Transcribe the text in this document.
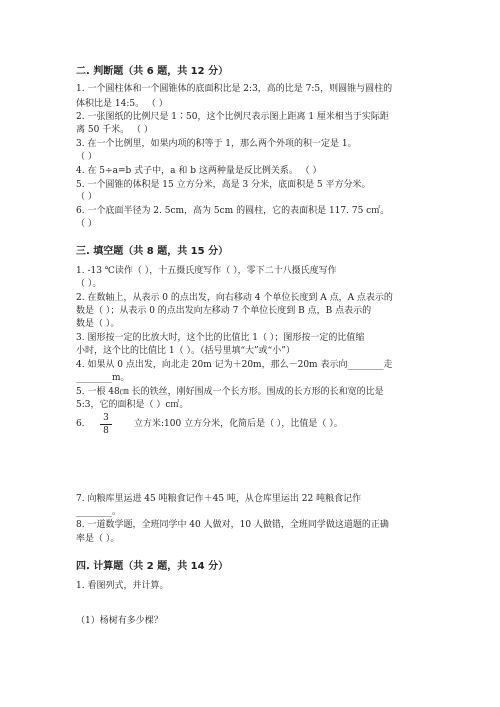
二. 判断题（共 6 题，共 12 分）
1. 一个圆柱体和一个圆锥体的底面积比是 2:3，高的比是 7:5，则圆锥与圆柱的
体积比是 14:5。 （ ）
2. 一张图纸的比例尺是 1∶50，这个比例尺表示图上距离 1 厘米相当于实际距
离 50 千米。 （ ）
3. 在一个比例里，如果内项的积等于 1，那么两个外项的积一定是 1。
（ ）
4. 在 5÷a=b 式子中，a 和 b 这两种量是反比例关系。 （ ）
5. 一个圆锥的体积是 15 立方分米，高是 3 分米，底面积是 5 平方分米。
（ ）
6. 一个底面半径为 2. 5cm，高为 5cm 的圆柱，它的表面积是 117. 75 c㎡。
（ ）
三. 填空题（共 8 题，共 15 分）
1. -13 ℃读作（ ），十五摄氏度写作（ ），零下二十八摄氏度写作
（ ）。
2. 在数轴上，从表示 0 的点出发，向右移动 4 个单位长度到 A 点，A 点表示的
数是（ ）；从表示 0 的点出发向左移动 7 个单位长度到 B 点，B 点表示的
数是（ ）。
3. 图形按一定的比放大时，这个比的比值比 1（ ）；图形按一定的比值缩
小时，这个比的比值比 1（ ）。（括号里填“大”或“小”）
4. 如果从 0 点出发，向北走 20m 记为＋20m，那么－20m 表示向________走
________m。
5. 一根 48㎝ 长的铁丝，刚好围成一个长方形。围成的长方形的长和宽的比是
5:3，它的面积是（ ）c㎡。
6.
3
8
立方米:100 立方分米，化简后是（ ），比值是（ ）。
7. 向粮库里运进 45 吨粮食记作＋45 吨，从仓库里运出 22 吨粮食记作
________。
8. 一道数学题，全班同学中 40 人做对，10 人做错，全班同学做这道题的正确
率是（ ）。
四. 计算题（共 2 题，共 14 分）
1. 看图列式，并计算。
（1）杨树有多少棵？
